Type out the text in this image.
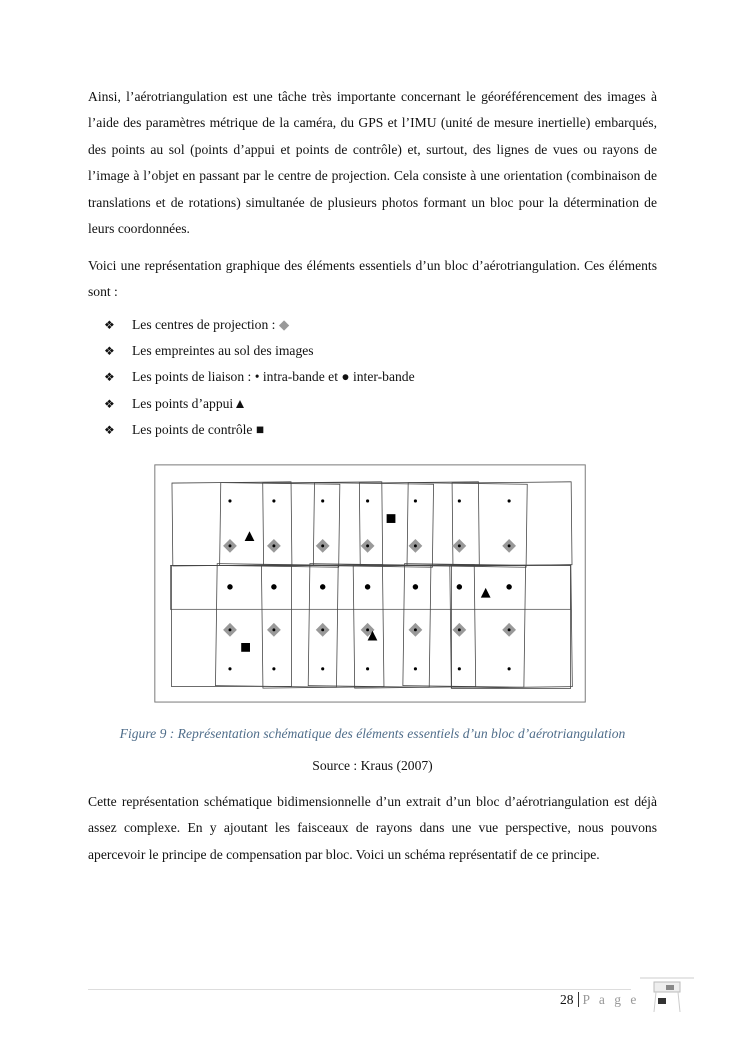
Ainsi, l’aérotriangulation est une tâche très importante concernant le géoréférencement des images à l’aide des paramètres métrique de la caméra, du GPS et l’IMU (unité de mesure inertielle) embarqués, des points au sol (points d’appui et points de contrôle) et, surtout, des lignes de vues ou rayons de l’image à l’objet en passant par le centre de projection. Cela consiste à une orientation (combinaison de translations et de rotations) simultanée de plusieurs photos formant un bloc pour la détermination de leurs coordonnées.

Voici une représentation graphique des éléments essentiels d’un bloc d’aérotriangulation. Ces éléments sont :

❖	Les centres de projection :
◆
❖	Les empreintes au sol des images
❖	Les points de liaison : • intra-bande et ● inter-bande
❖	Les points d’appui ▲
❖	Les points de contrôle
■
Figure 9 : Représentation schématique des éléments essentiels d’un bloc d’aérotriangulation
Source : Kraus (2007)

Cette représentation schématique bidimensionnelle d’un extrait d’un bloc d’aérotriangulation est déjà assez complexe. En y ajoutant les faisceaux de rayons dans une vue perspective, nous pouvons apercevoir le principe de compensation par bloc. Voici un schéma représentatif de ce principe.

28 P a g e
